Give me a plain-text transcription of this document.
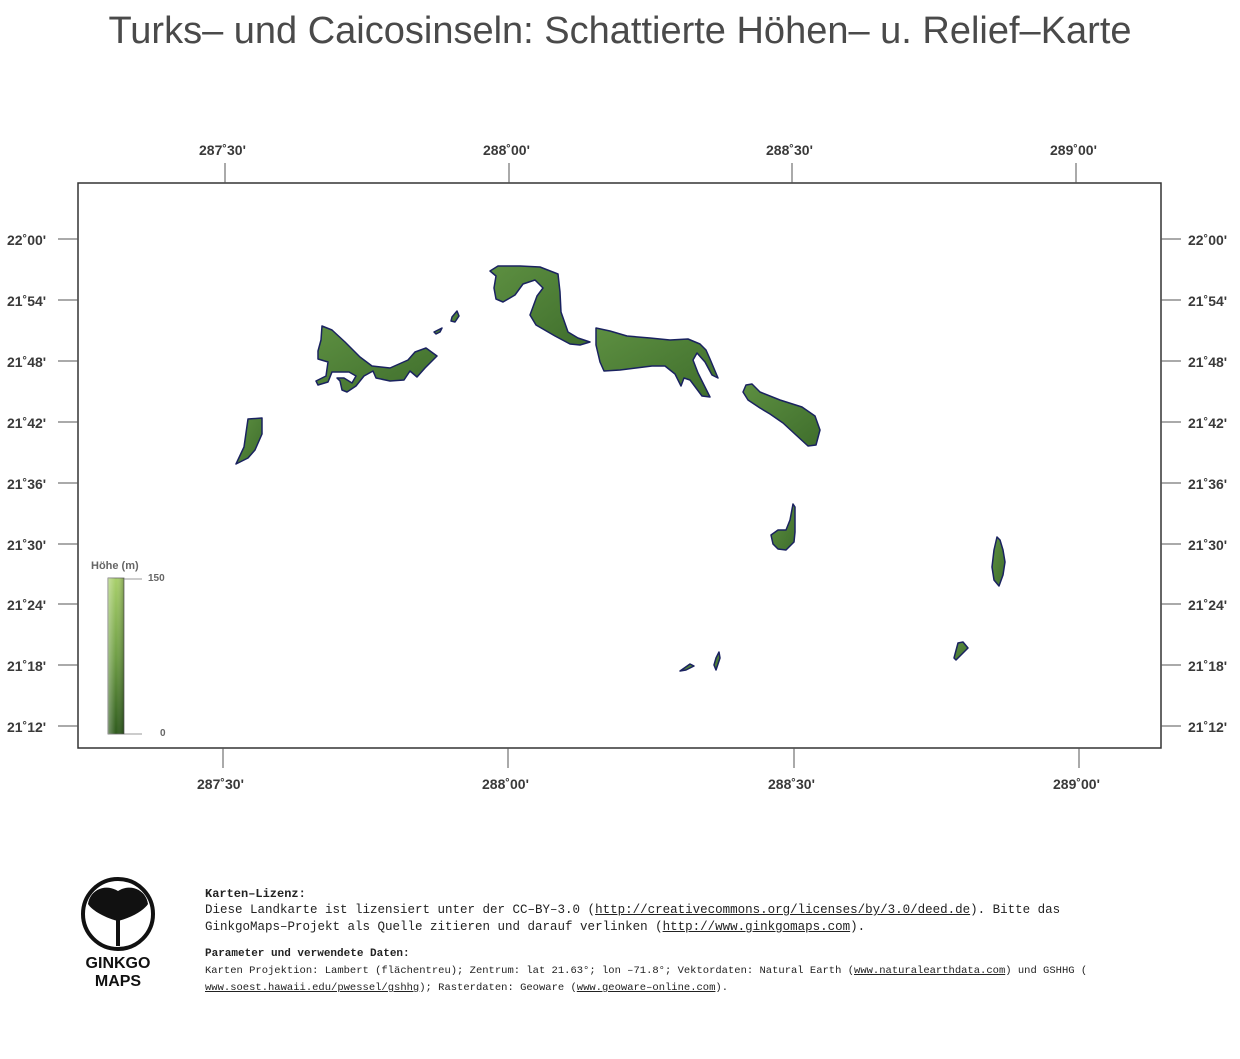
Turks– und Caicosinseln: Schattierte Höhen– u. Relief–Karte
287˚30'	288˚00'	288˚30'	289˚00'
287˚30'	288˚00'	288˚30'	289˚00'
22˚00'
21˚54'
21˚48'
21˚42'
21˚36'
21˚30'
21˚24'
21˚18'
21˚12'
22˚00'
21˚54'
21˚48'
21˚42'
21˚36'
21˚30'
21˚24'
21˚18'
21˚12'
Höhe (m)
150
0
GINKGO
MAPS
Karten–Lizenz:
Diese Landkarte ist lizensiert unter der CC–BY–3.0 (http://creativecommons.org/licenses/by/3.0/deed.de). Bitte das
GinkgoMaps–Projekt als Quelle zitieren und darauf verlinken (http://www.ginkgomaps.com).
Parameter und verwendete Daten:
Karten Projektion: Lambert (flächentreu); Zentrum: lat 21.63°; lon –71.8°; Vektordaten: Natural Earth (www.naturalearthdata.com) und GSHHG (
www.soest.hawaii.edu/pwessel/gshhg); Rasterdaten: Geoware (www.geoware–online.com).
